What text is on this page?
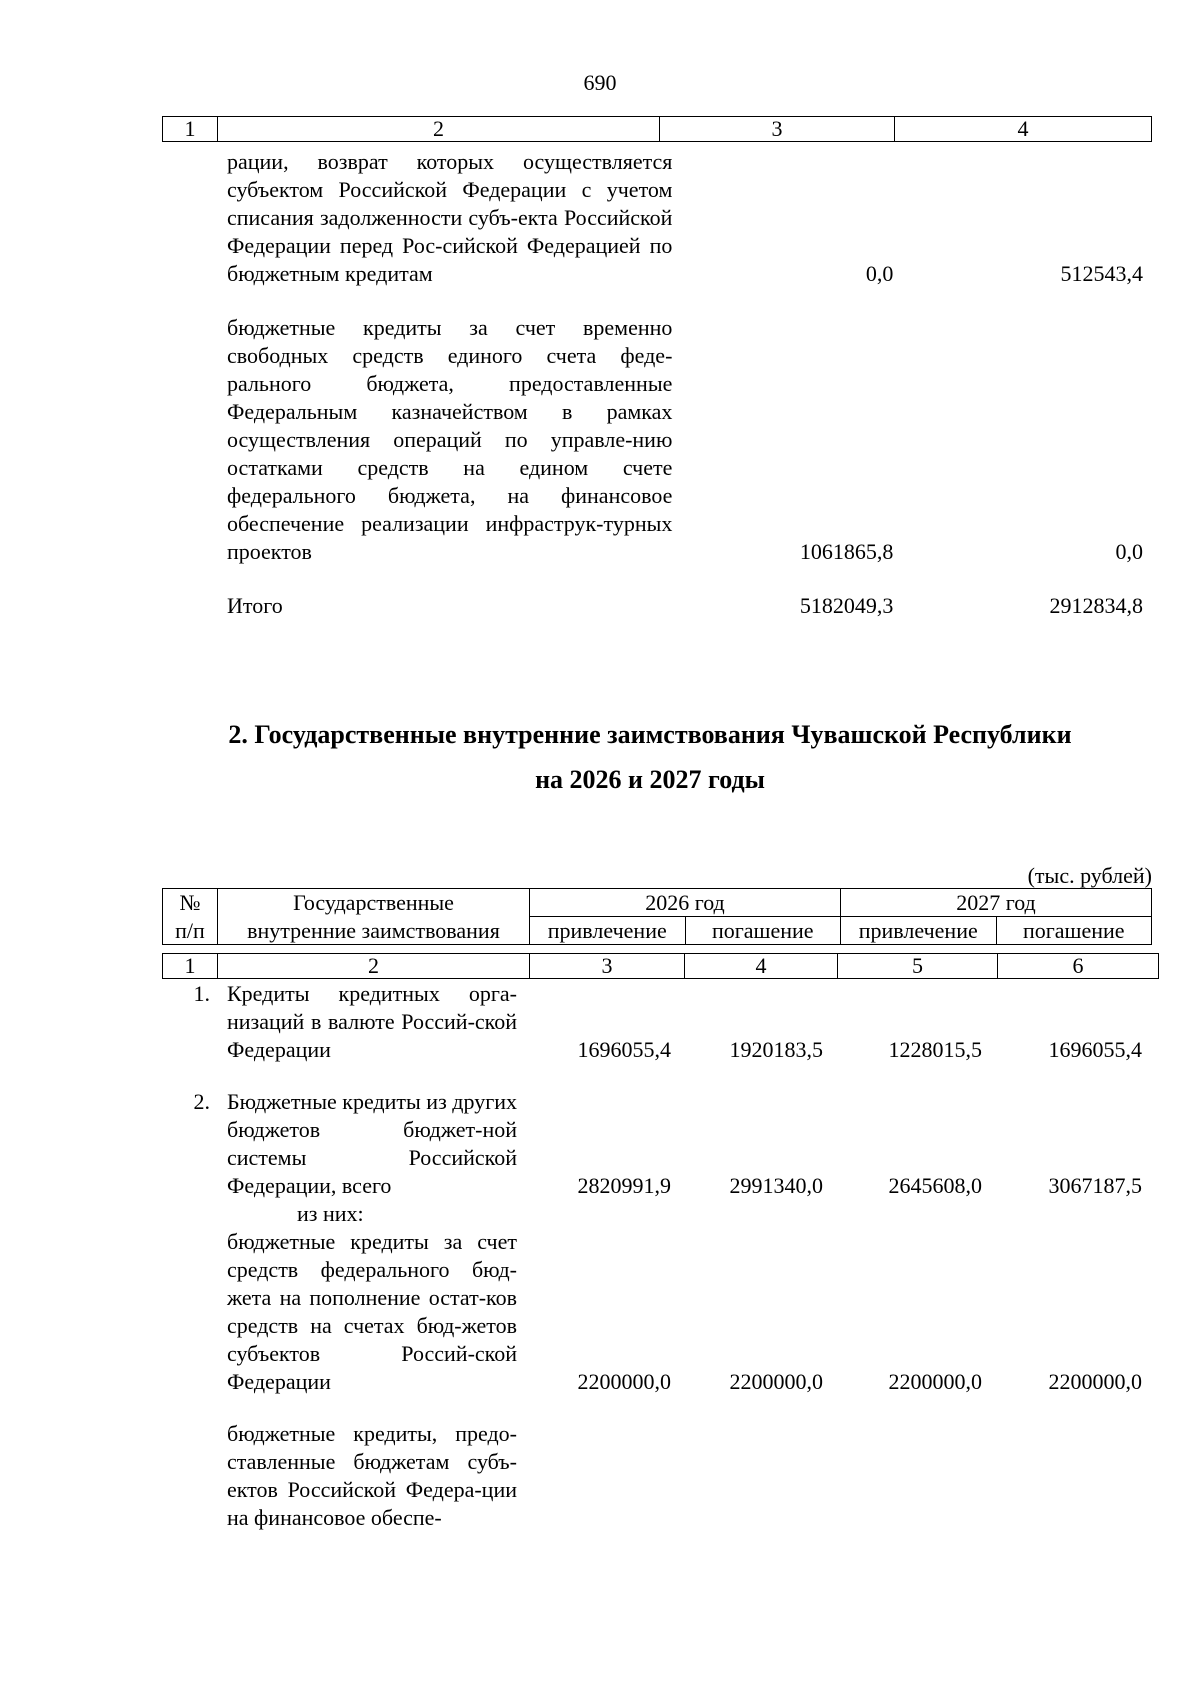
690
1	2	3	4
рации, возврат которых осуществляется субъектом Российской Федерации с учетом списания задолженности субъ-екта Российской Федерации перед Рос-сийской Федерацией по бюджетным кредитам	0,0	512543,4

бюджетные кредиты за счет временно свободных средств единого счета феде-рального бюджета, предоставленные Федеральным казначейством в рамках осуществления операций по управле-нию остатками средств на едином счете федерального бюджета, на финансовое обеспечение реализации инфраструк-турных проектов	1061865,8	0,0

Итого	5182049,3	2912834,8
2. Государственные внутренние заимствования Чувашской Республики
на 2026 и 2027 годы
(тыс. рублей)
№	Государственные	2026 год		2027 год	
п/п	внутренние заимствования	привлечение	погашение	привлечение	погашение
1	2	3	4	5	6
1.	Кредиты кредитных орга-низаций в валюте Россий-ской Федерации	1696055,4	1920183,5	1228015,5	1696055,4

2.	Бюджетные кредиты из других бюджетов бюджет-ной системы Российской Федерации, всего	2820991,9	2991340,0	2645608,0	3067187,5

	из них:				

	бюджетные кредиты за счет средств федерального бюд-жета на пополнение остат-ков средств на счетах бюд-жетов субъектов Россий-ской Федерации	2200000,0	2200000,0	2200000,0	2200000,0

	бюджетные кредиты, предо-ставленные бюджетам субъ-ектов Российской Федера-ции на финансовое обеспе-				
